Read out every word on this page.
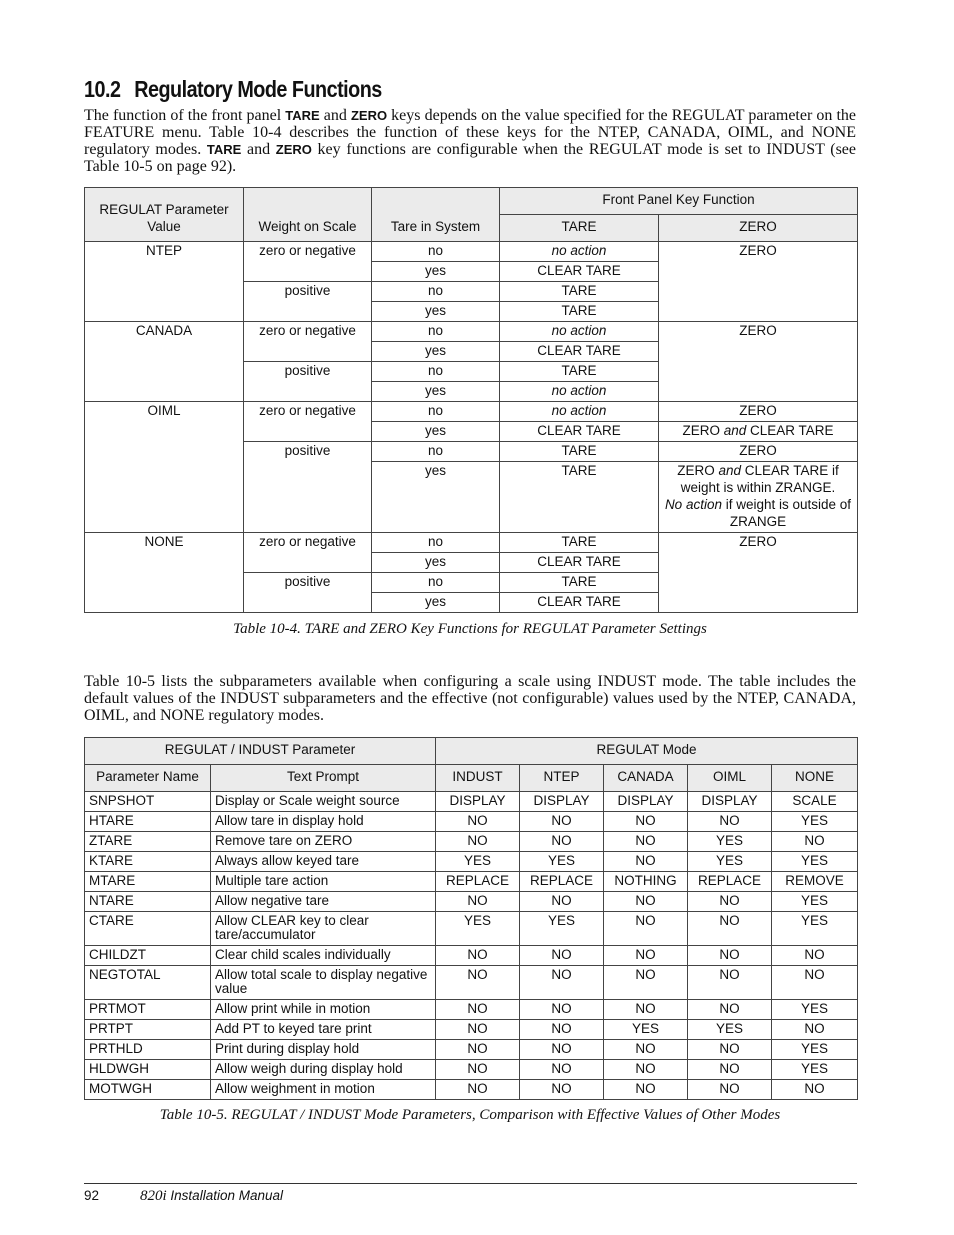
10.2 Regulatory Mode Functions
The function of the front panel TARE and ZERO keys depends on the value specified for the REGULAT parameter on the FEATURE menu. Table 10-4 describes the function of these keys for the NTEP, CANADA, OIML, and NONE regulatory modes. TARE and ZERO key functions are configurable when the REGULAT mode is set to INDUST (see Table 10-5 on page 92).
REGULAT Parameter Value	Weight on Scale	Tare in System	Front Panel Key Function	
			TARE	ZERO
NTEP	zero or negative	no	no action	ZERO
		yes	CLEAR TARE	
	positive	no	TARE	
		yes	TARE	
CANADA	zero or negative	no	no action	ZERO
		yes	CLEAR TARE	
	positive	no	TARE	
		yes	no action	
OIML	zero or negative	no	no action	ZERO
		yes	CLEAR TARE	ZERO and CLEAR TARE
	positive	no	TARE	ZERO
		yes	TARE	ZERO and CLEAR TARE if weight is within ZRANGE.
No action if weight is outside of ZRANGE
NONE	zero or negative	no	TARE	ZERO
		yes	CLEAR TARE	
	positive	no	TARE	
		yes	CLEAR TARE	
Table 10-4. TARE and ZERO Key Functions for REGULAT Parameter Settings
Table 10-5 lists the subparameters available when configuring a scale using INDUST mode. The table includes the default values of the INDUST subparameters and the effective (not configurable) values used by the NTEP, CANADA, OIML, and NONE regulatory modes.
REGULAT / INDUST Parameter		REGULAT Mode				
Parameter Name	Text Prompt	INDUST	NTEP	CANADA	OIML	NONE
SNPSHOT	Display or Scale weight source	DISPLAY	DISPLAY	DISPLAY	DISPLAY	SCALE
HTARE	Allow tare in display hold	NO	NO	NO	NO	YES
ZTARE	Remove tare on ZERO	NO	NO	NO	YES	NO
KTARE	Always allow keyed tare	YES	YES	NO	YES	YES
MTARE	Multiple tare action	REPLACE	REPLACE	NOTHING	REPLACE	REMOVE
NTARE	Allow negative tare	NO	NO	NO	NO	YES
CTARE	Allow CLEAR key to clear tare/accumulator	YES	YES	NO	NO	YES
CHILDZT	Clear child scales individually	NO	NO	NO	NO	NO
NEGTOTAL	Allow total scale to display negative value	NO	NO	NO	NO	NO
PRTMOT	Allow print while in motion	NO	NO	NO	NO	YES
PRTPT	Add PT to keyed tare print	NO	NO	YES	YES	NO
PRTHLD	Print during display hold	NO	NO	NO	NO	YES
HLDWGH	Allow weigh during display hold	NO	NO	NO	NO	YES
MOTWGH	Allow weighment in motion	NO	NO	NO	NO	NO
Table 10-5. REGULAT / INDUST Mode Parameters, Comparison with Effective Values of Other Modes
92	820i Installation Manual
